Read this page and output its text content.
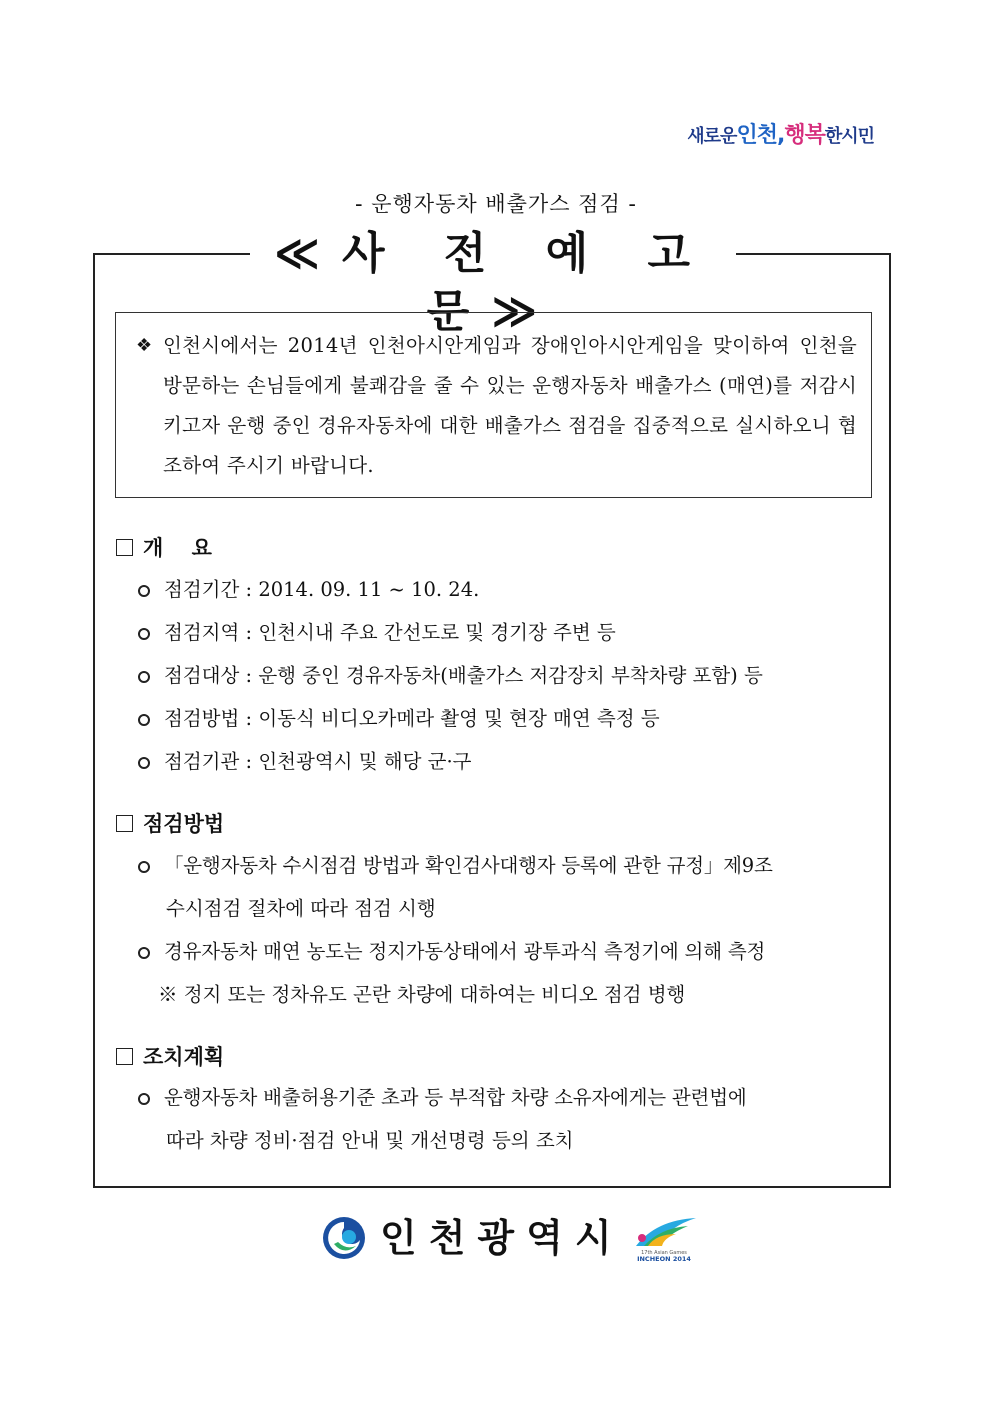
새로운인천,행복한시민
- 운행자동차 배출가스 점검 -
≪사 전 예 고 문≫
❖ 인천시에서는 2014년 인천아시안게임과 장애인아시안게임을 맞이하여 인천을 방문하는 손님들에게 불쾌감을 줄 수 있는 운행자동차 배출가스 (매연)를 저감시키고자 운행 중인 경유자동차에 대한 배출가스 점검을 집중적으로 실시하오니 협조하여 주시기 바랍니다.
개　 요
점검기간 : 2014. 09. 11 ~ 10. 24.
점검지역 : 인천시내 주요 간선도로 및 경기장 주변 등
점검대상 : 운행 중인 경유자동차(배출가스 저감장치 부착차량 포함) 등
점검방법 : 이동식 비디오카메라 촬영 및 현장 매연 측정 등
점검기관 : 인천광역시 및 해당 군·구
점검방법
「운행자동차 수시점검 방법과 확인검사대행자 등록에 관한 규정」제9조
수시점검 절차에 따라 점검 시행
경유자동차 매연 농도는 정지가동상태에서 광투과식 측정기에 의해 측정
※ 정지 또는 정차유도 곤란 차량에 대하여는 비디오 점검 병행
조치계획
운행자동차 배출허용기준 초과 등 부적합 차량 소유자에게는 관련법에
따라 차량 정비·점검 안내 및 개선명령 등의 조치
인천광역시	17th Asian Games
INCHEON 2014
